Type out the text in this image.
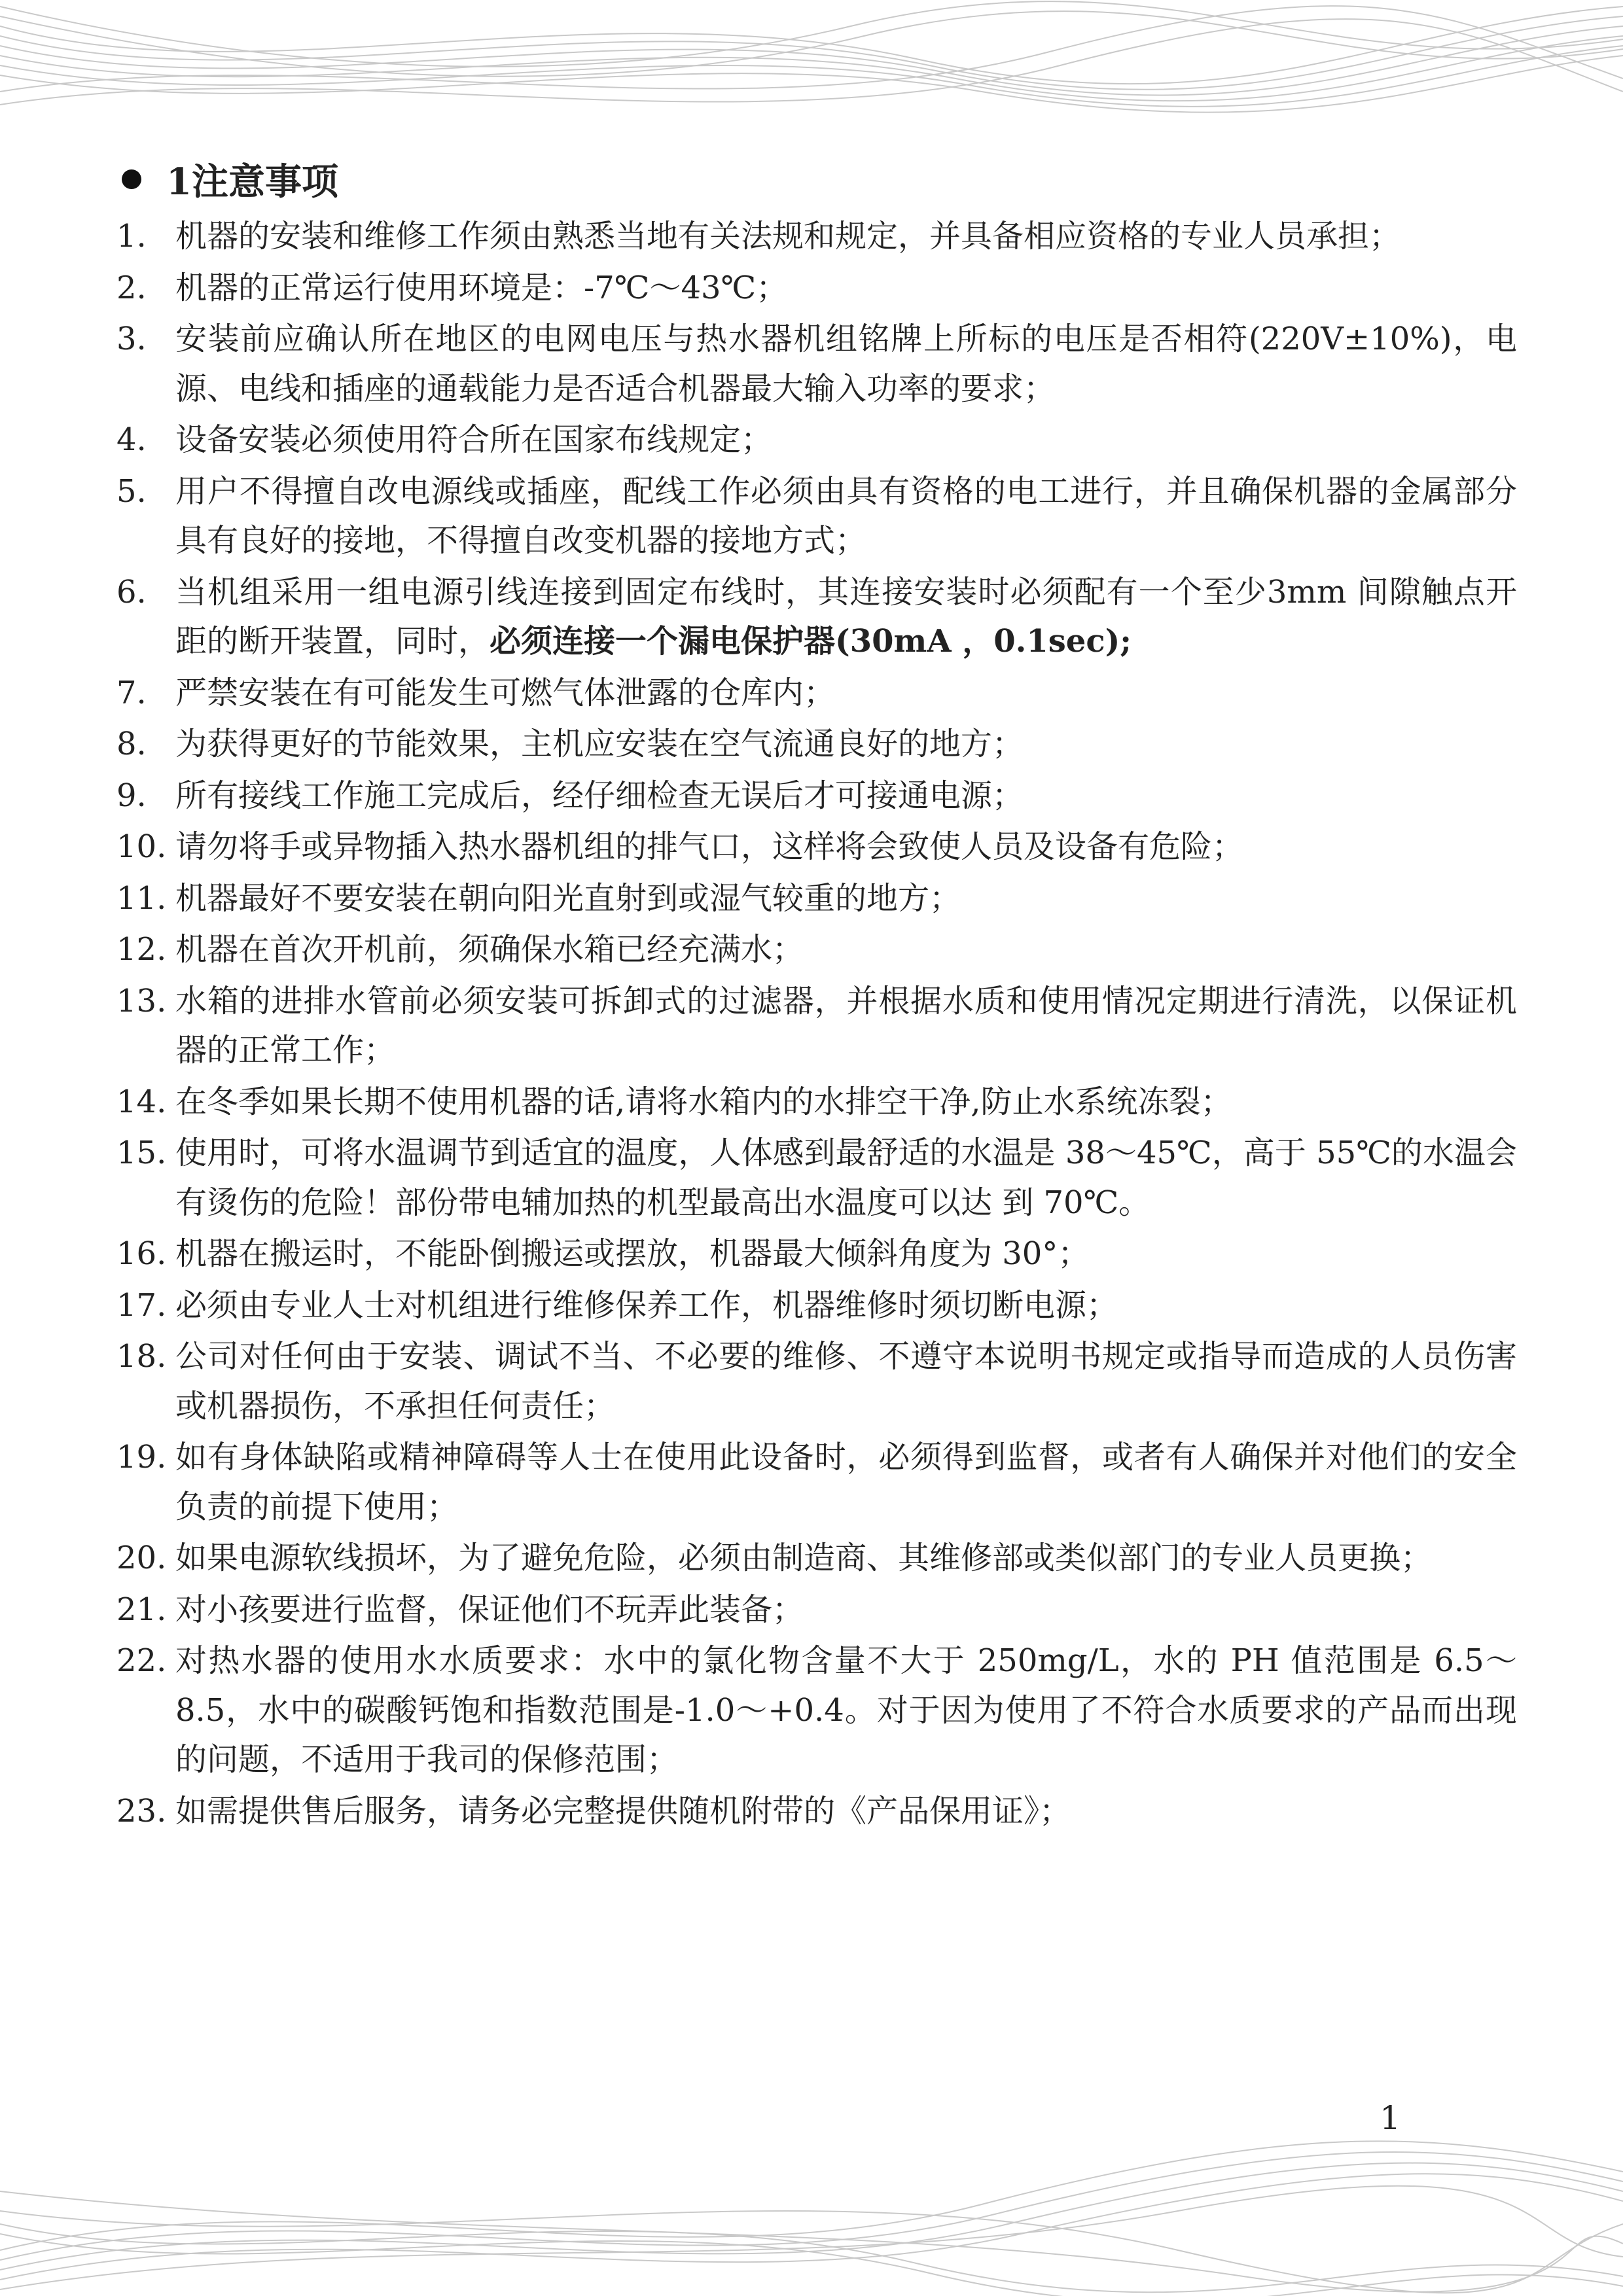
1注意事项
1. 机器的安装和维修工作须由熟悉当地有关法规和规定，并具备相应资格的专业人员承担；
2. 机器的正常运行使用环境是：-7℃～43℃；
3. 安装前应确认所在地区的电网电压与热水器机组铭牌上所标的电压是否相符(220V±10%)，电源、电线和插座的通载能力是否适合机器最大输入功率的要求；
4. 设备安装必须使用符合所在国家布线规定；
5. 用户不得擅自改电源线或插座，配线工作必须由具有资格的电工进行，并且确保机器的金属部分具有良好的接地，不得擅自改变机器的接地方式；
6. 当机组采用一组电源引线连接到固定布线时，其连接安装时必须配有一个至少3mm 间隙触点开距的断开装置，同时，必须连接一个漏电保护器(30mA ，0.1sec);
7. 严禁安装在有可能发生可燃气体泄露的仓库内；
8. 为获得更好的节能效果，主机应安装在空气流通良好的地方；
9. 所有接线工作施工完成后，经仔细检查无误后才可接通电源；
10. 请勿将手或异物插入热水器机组的排气口，这样将会致使人员及设备有危险；
11. 机器最好不要安装在朝向阳光直射到或湿气较重的地方；
12. 机器在首次开机前，须确保水箱已经充满水；
13. 水箱的进排水管前必须安装可拆卸式的过滤器，并根据水质和使用情况定期进行清洗，以保证机器的正常工作；
14. 在冬季如果长期不使用机器的话,请将水箱内的水排空干净,防止水系统冻裂；
15. 使用时，可将水温调节到适宜的温度，人体感到最舒适的水温是 38～45℃，高于 55℃的水温会有烫伤的危险！部份带电辅加热的机型最高出水温度可以达 到 70℃。
16. 机器在搬运时，不能卧倒搬运或摆放，机器最大倾斜角度为 30°；
17. 必须由专业人士对机组进行维修保养工作，机器维修时须切断电源；
18. 公司对任何由于安装、调试不当、不必要的维修、不遵守本说明书规定或指导而造成的人员伤害或机器损伤，不承担任何责任；
19. 如有身体缺陷或精神障碍等人士在使用此设备时，必须得到监督，或者有人确保并对他们的安全负责的前提下使用；
20. 如果电源软线损坏，为了避免危险，必须由制造商、其维修部或类似部门的专业人员更换；
21. 对小孩要进行监督，保证他们不玩弄此装备；
22. 对热水器的使用水水质要求：水中的氯化物含量不大于 250mg/L，水的 PH 值范围是 6.5～8.5，水中的碳酸钙饱和指数范围是-1.0～+0.4。对于因为使用了不符合水质要求的产品而出现的问题，不适用于我司的保修范围；
23. 如需提供售后服务，请务必完整提供随机附带的《产品保用证》；
1
